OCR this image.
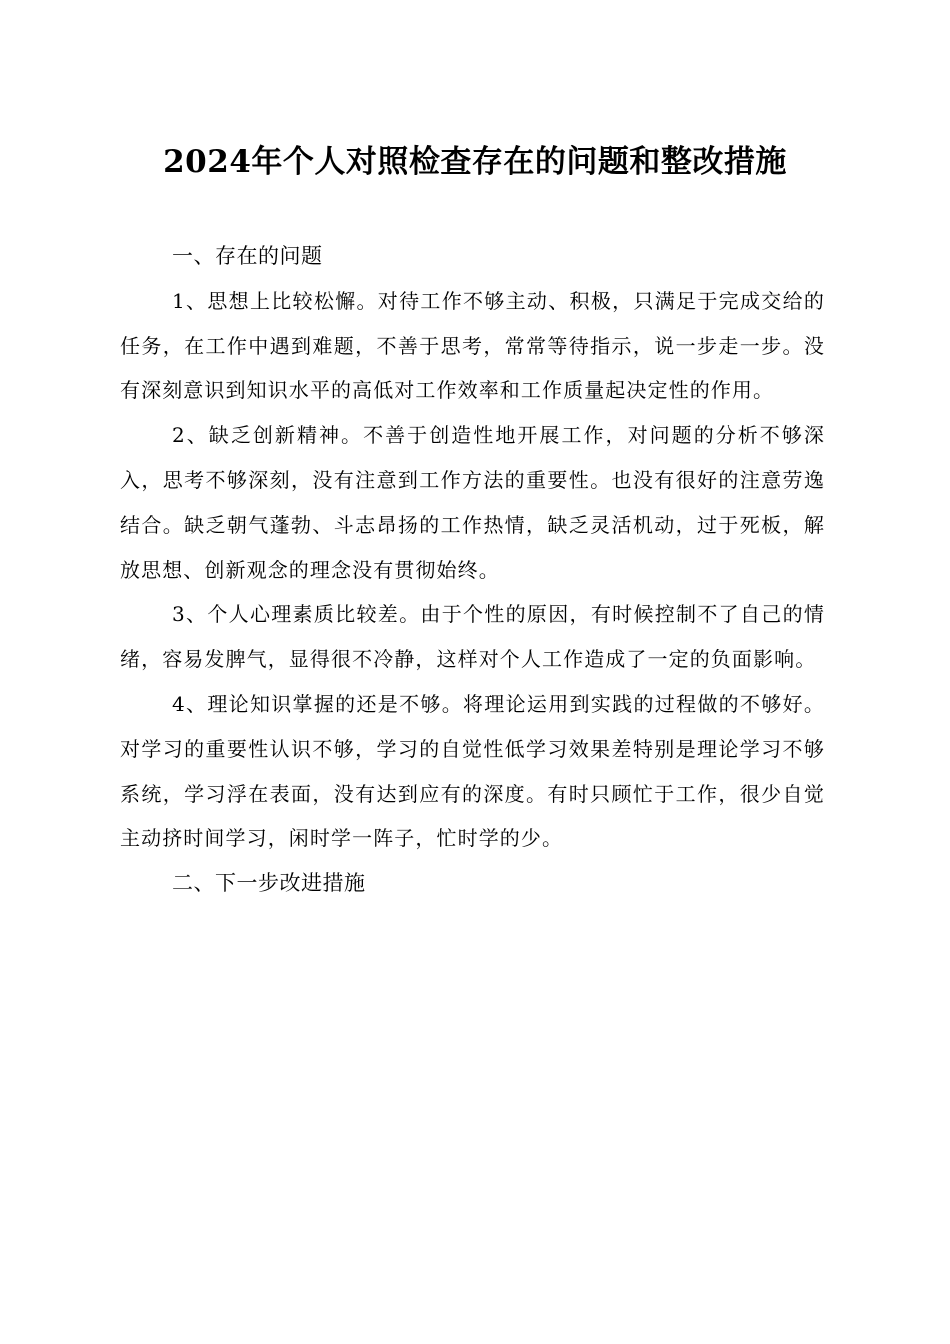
2024年个人对照检查存在的问题和整改措施

一、存在的问题

1、思想上比较松懈。对待工作不够主动、积极，只满足于完成交给的任务，在工作中遇到难题，不善于思考，常常等待指示，说一步走一步。没有深刻意识到知识水平的高低对工作效率和工作质量起决定性的作用。

2、缺乏创新精神。不善于创造性地开展工作，对问题的分析不够深入，思考不够深刻，没有注意到工作方法的重要性。也没有很好的注意劳逸结合。缺乏朝气蓬勃、斗志昂扬的工作热情，缺乏灵活机动，过于死板，解放思想、创新观念的理念没有贯彻始终。

3、个人心理素质比较差。由于个性的原因，有时候控制不了自己的情绪，容易发脾气，显得很不冷静，这样对个人工作造成了一定的负面影响。

4、理论知识掌握的还是不够。将理论运用到实践的过程做的不够好。对学习的重要性认识不够，学习的自觉性低学习效果差特别是理论学习不够系统，学习浮在表面，没有达到应有的深度。有时只顾忙于工作，很少自觉主动挤时间学习，闲时学一阵子，忙时学的少。

二、下一步改进措施
